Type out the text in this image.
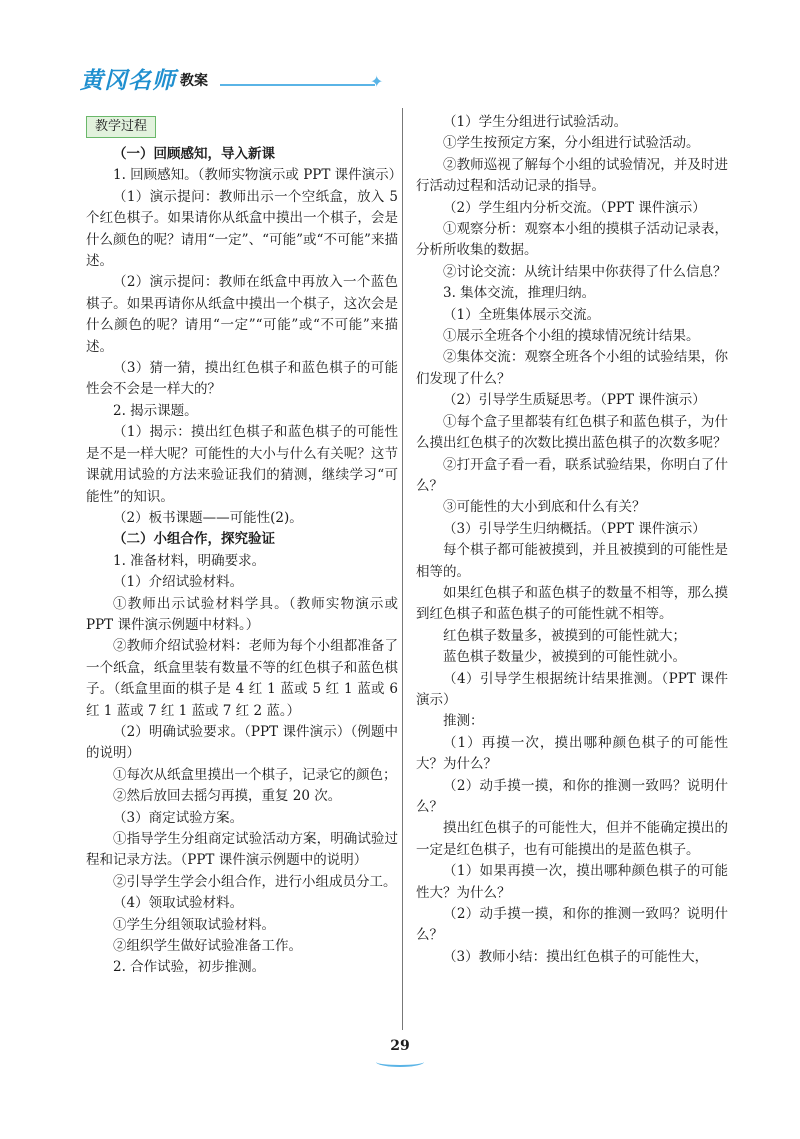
黄冈名师 教案	✦
教学过程

（一）回顾感知，导入新课

1. 回顾感知。（教师实物演示或 PPT 课件演示）

（1）演示提问：教师出示一个空纸盒，放入 5 个红色棋子。如果请你从纸盒中摸出一个棋子，会是什么颜色的呢？请用“一定”、“可能”或“不可能”来描述。

（2）演示提问：教师在纸盒中再放入一个蓝色棋子。如果再请你从纸盒中摸出一个棋子，这次会是什么颜色的呢？请用“一定”“可能”或“不可能”来描述。

（3）猜一猜，摸出红色棋子和蓝色棋子的可能性会不会是一样大的？

2. 揭示课题。

（1）揭示：摸出红色棋子和蓝色棋子的可能性是不是一样大呢？可能性的大小与什么有关呢？这节课就用试验的方法来验证我们的猜测，继续学习“可能性”的知识。

（2）板书课题——可能性(2)。

（二）小组合作，探究验证

1. 准备材料，明确要求。

（1）介绍试验材料。

①教师出示试验材料学具。（教师实物演示或 PPT 课件演示例题中材料。）

②教师介绍试验材料：老师为每个小组都准备了一个纸盒，纸盒里装有数量不等的红色棋子和蓝色棋子。（纸盒里面的棋子是 4 红 1 蓝或 5 红 1 蓝或 6 红 1 蓝或 7 红 1 蓝或 7 红 2 蓝。）

（2）明确试验要求。（PPT 课件演示）（例题中的说明）

①每次从纸盒里摸出一个棋子，记录它的颜色；

②然后放回去摇匀再摸，重复 20 次。

（3）商定试验方案。

①指导学生分组商定试验活动方案，明确试验过程和记录方法。（PPT 课件演示例题中的说明）

②引导学生学会小组合作，进行小组成员分工。

（4）领取试验材料。

①学生分组领取试验材料。

②组织学生做好试验准备工作。

2. 合作试验，初步推测。

（1）学生分组进行试验活动。

①学生按预定方案，分小组进行试验活动。

②教师巡视了解每个小组的试验情况，并及时进行活动过程和活动记录的指导。

（2）学生组内分析交流。（PPT 课件演示）

①观察分析：观察本小组的摸棋子活动记录表，分析所收集的数据。

②讨论交流：从统计结果中你获得了什么信息？

3. 集体交流，推理归纳。

（1）全班集体展示交流。

①展示全班各个小组的摸球情况统计结果。

②集体交流：观察全班各个小组的试验结果，你们发现了什么？

（2）引导学生质疑思考。（PPT 课件演示）

①每个盒子里都装有红色棋子和蓝色棋子，为什么摸出红色棋子的次数比摸出蓝色棋子的次数多呢？

②打开盒子看一看，联系试验结果，你明白了什么？

③可能性的大小到底和什么有关？

（3）引导学生归纳概括。（PPT 课件演示）

每个棋子都可能被摸到，并且被摸到的可能性是相等的。

如果红色棋子和蓝色棋子的数量不相等，那么摸到红色棋子和蓝色棋子的可能性就不相等。

红色棋子数量多，被摸到的可能性就大；

蓝色棋子数量少，被摸到的可能性就小。

（4）引导学生根据统计结果推测。（PPT 课件演示）

推测：

（1）再摸一次，摸出哪种颜色棋子的可能性大？为什么？

（2）动手摸一摸，和你的推测一致吗？说明什么？

摸出红色棋子的可能性大，但并不能确定摸出的一定是红色棋子，也有可能摸出的是蓝色棋子。

（1）如果再摸一次，摸出哪种颜色棋子的可能性大？为什么？

（2）动手摸一摸，和你的推测一致吗？说明什么？

（3）教师小结：摸出红色棋子的可能性大，

29
